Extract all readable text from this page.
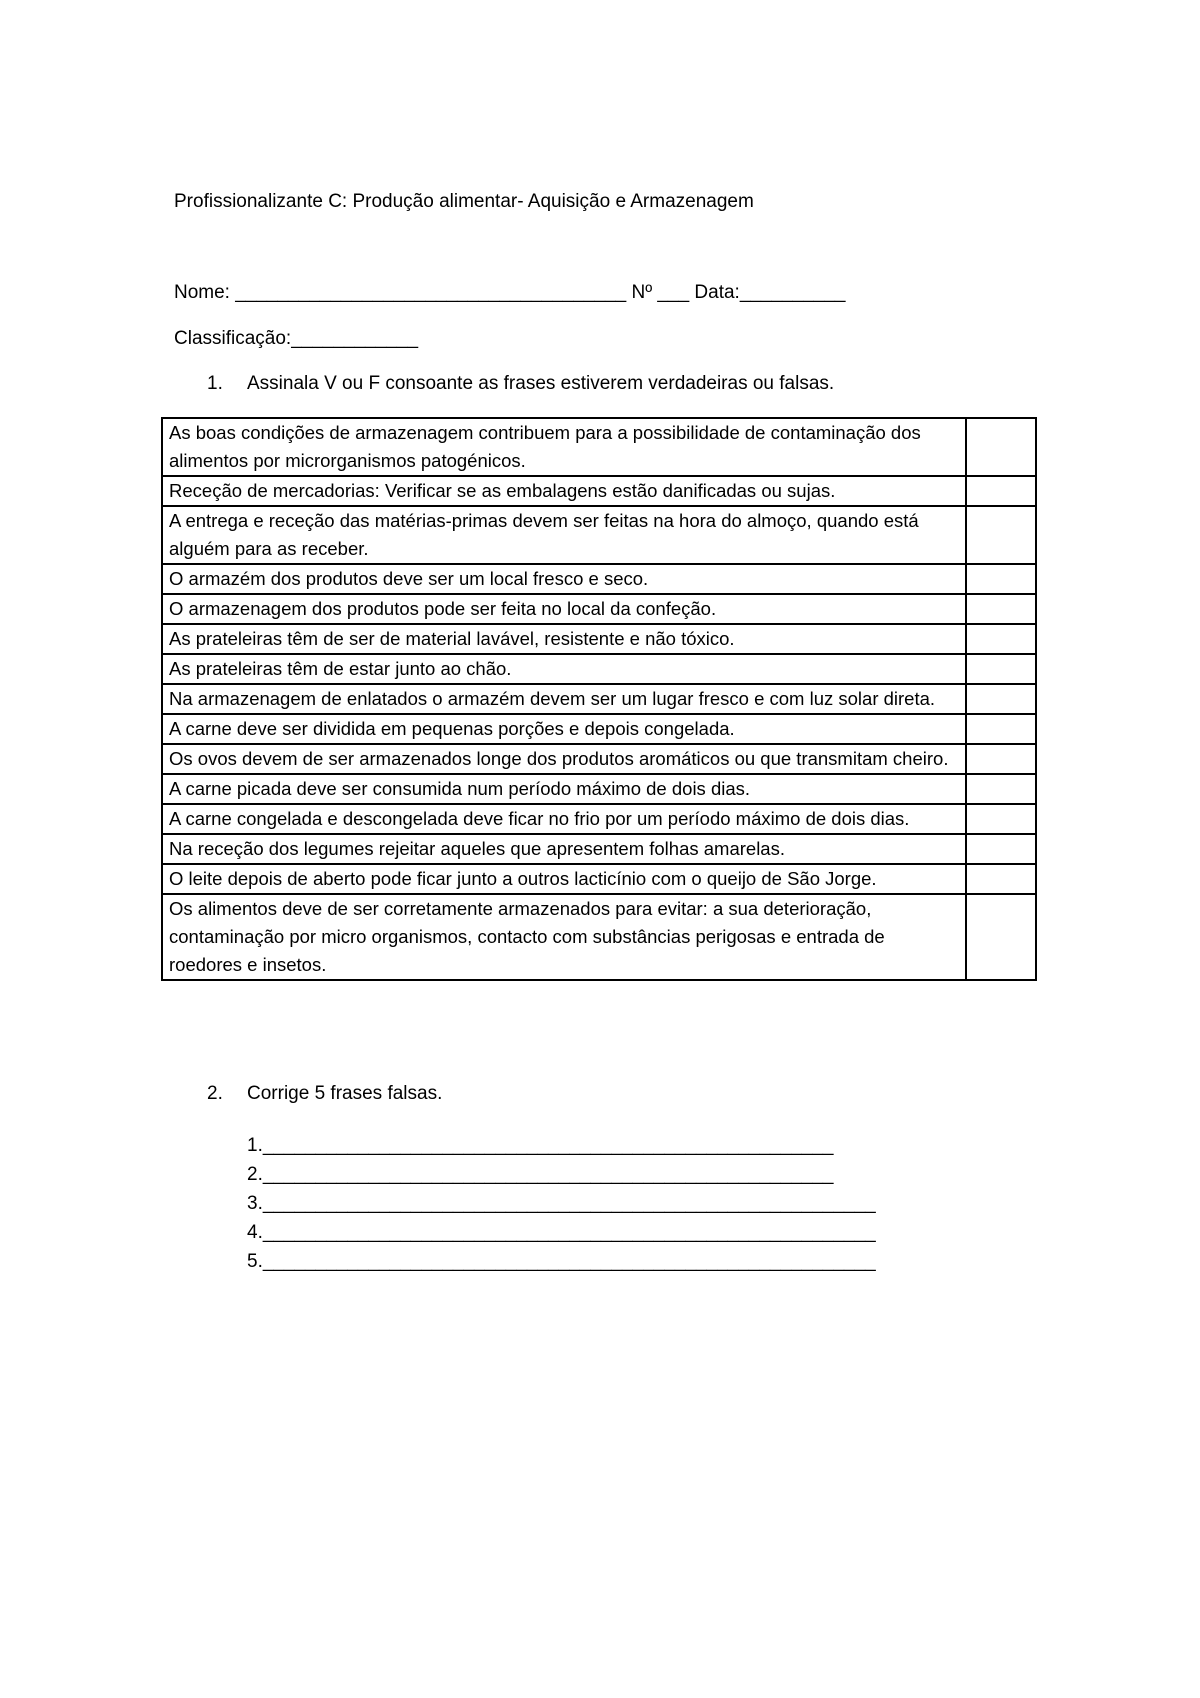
Profissionalizante C: Produção alimentar- Aquisição e Armazenagem
Nome: _____________________________________ Nº ___ Data:__________
Classificação:____________
1. Assinala V ou F consoante as frases estiverem verdadeiras ou falsas.
As boas condições de armazenagem contribuem para a possibilidade de contaminação dos alimentos por microrganismos patogénicos.	
Receção de mercadorias: Verificar se as embalagens estão danificadas ou sujas.	
A entrega e receção das matérias-primas devem ser feitas na hora do almoço, quando está alguém para as receber.	
O armazém dos produtos deve ser um local fresco e seco.	
O armazenagem dos produtos pode ser feita no local da confeção.	
As prateleiras têm de ser de material lavável, resistente e não tóxico.	
As prateleiras têm de estar junto ao chão.	
Na armazenagem de enlatados o armazém devem ser um lugar fresco e com luz solar direta.	
A carne deve ser dividida em pequenas porções e depois congelada.	
Os ovos devem de ser armazenados longe dos produtos aromáticos ou que transmitam cheiro.	
A carne picada deve ser consumida num período máximo de dois dias.	
A carne congelada e descongelada deve ficar no frio por um período máximo de dois dias.	
Na receção dos legumes rejeitar aqueles que apresentem folhas amarelas.	
O leite depois de aberto pode ficar junto a outros lacticínio com o queijo de São Jorge.	
Os alimentos deve de ser corretamente armazenados para evitar: a sua deterioração, contaminação por micro organismos, contacto com substâncias perigosas e entrada de roedores e insetos.	
2. Corrige 5 frases falsas.
1.______________________________________________________
2.______________________________________________________
3.__________________________________________________________
4.__________________________________________________________
5.__________________________________________________________
